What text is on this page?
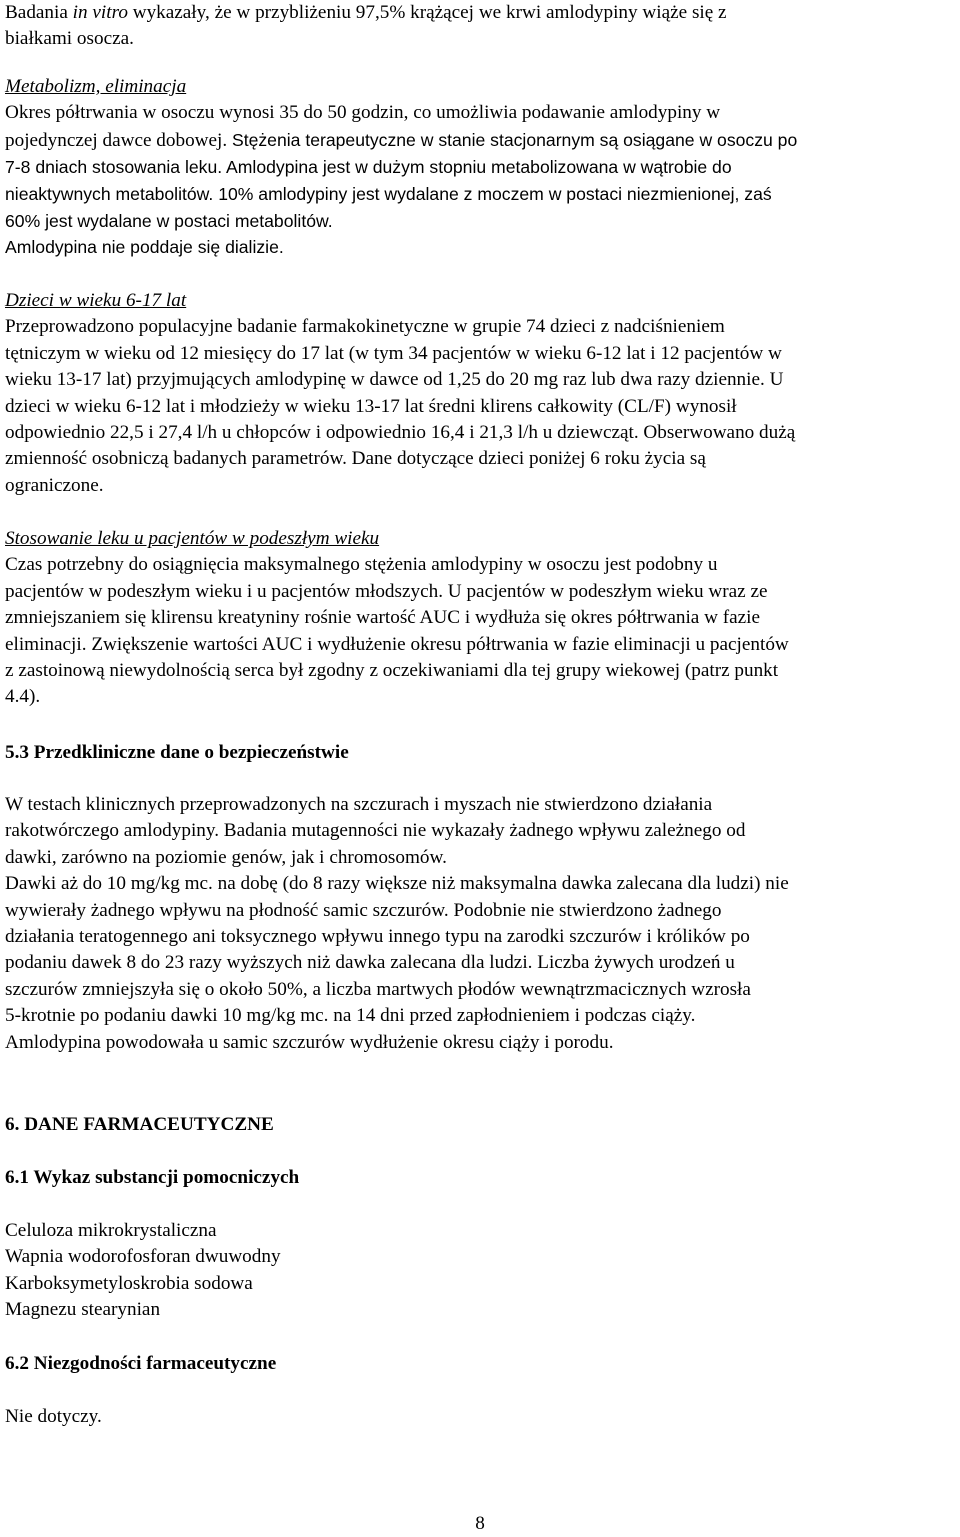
Badania in vitro wykazały, że w przybliżeniu 97,5% krążącej we krwi amlodypiny wiąże się z

białkami osocza.

Metabolizm, eliminacja

Okres półtrwania w osoczu wynosi 35 do 50 godzin, co umożliwia podawanie amlodypiny w

pojedynczej dawce dobowej. Stężenia terapeutyczne w stanie stacjonarnym są osiągane w osoczu po

7-8 dniach stosowania leku. Amlodypina jest w dużym stopniu metabolizowana w wątrobie do

nieaktywnych metabolitów. 10% amlodypiny jest wydalane z moczem w postaci niezmienionej, zaś

60% jest wydalane w postaci metabolitów.

Amlodypina nie poddaje się dializie.

Dzieci w wieku 6-17 lat

Przeprowadzono populacyjne badanie farmakokinetyczne w grupie 74 dzieci z nadciśnieniem

tętniczym w wieku od 12 miesięcy do 17 lat (w tym 34 pacjentów w wieku 6-12 lat i 12 pacjentów w

wieku 13-17 lat) przyjmujących amlodypinę w dawce od 1,25 do 20 mg raz lub dwa razy dziennie. U

dzieci w wieku 6-12 lat i młodzieży w wieku 13-17 lat średni klirens całkowity (CL/F) wynosił

odpowiednio 22,5 i 27,4 l/h u chłopców i odpowiednio 16,4 i 21,3 l/h u dziewcząt. Obserwowano dużą

zmienność osobniczą badanych parametrów. Dane dotyczące dzieci poniżej 6 roku życia są

ograniczone.

Stosowanie leku u pacjentów w podeszłym wieku

Czas potrzebny do osiągnięcia maksymalnego stężenia amlodypiny w osoczu jest podobny u

pacjentów w podeszłym wieku i u pacjentów młodszych. U pacjentów w podeszłym wieku wraz ze

zmniejszaniem się klirensu kreatyniny rośnie wartość AUC i wydłuża się okres półtrwania w fazie

eliminacji. Zwiększenie wartości AUC i wydłużenie okresu półtrwania w fazie eliminacji u pacjentów

z zastoinową niewydolnością serca był zgodny z oczekiwaniami dla tej grupy wiekowej (patrz punkt

4.4).

5.3 Przedkliniczne dane o bezpieczeństwie

W testach klinicznych przeprowadzonych na szczurach i myszach nie stwierdzono działania

rakotwórczego amlodypiny. Badania mutagenności nie wykazały żadnego wpływu zależnego od

dawki, zarówno na poziomie genów, jak i chromosomów.

Dawki aż do 10 mg/kg mc. na dobę (do 8 razy większe niż maksymalna dawka zalecana dla ludzi) nie

wywierały żadnego wpływu na płodność samic szczurów. Podobnie nie stwierdzono żadnego

działania teratogennego ani toksycznego wpływu innego typu na zarodki szczurów i królików po

podaniu dawek 8 do 23 razy wyższych niż dawka zalecana dla ludzi. Liczba żywych urodzeń u

szczurów zmniejszyła się o około 50%, a liczba martwych płodów wewnątrzmacicznych wzrosła

5-krotnie po podaniu dawki 10 mg/kg mc. na 14 dni przed zapłodnieniem i podczas ciąży.

Amlodypina powodowała u samic szczurów wydłużenie okresu ciąży i porodu.

6. DANE FARMACEUTYCZNE

6.1 Wykaz substancji pomocniczych

Celuloza mikrokrystaliczna

Wapnia wodorofosforan dwuwodny

Karboksymetyloskrobia sodowa

Magnezu stearynian

6.2 Niezgodności farmaceutyczne

Nie dotyczy.

8
